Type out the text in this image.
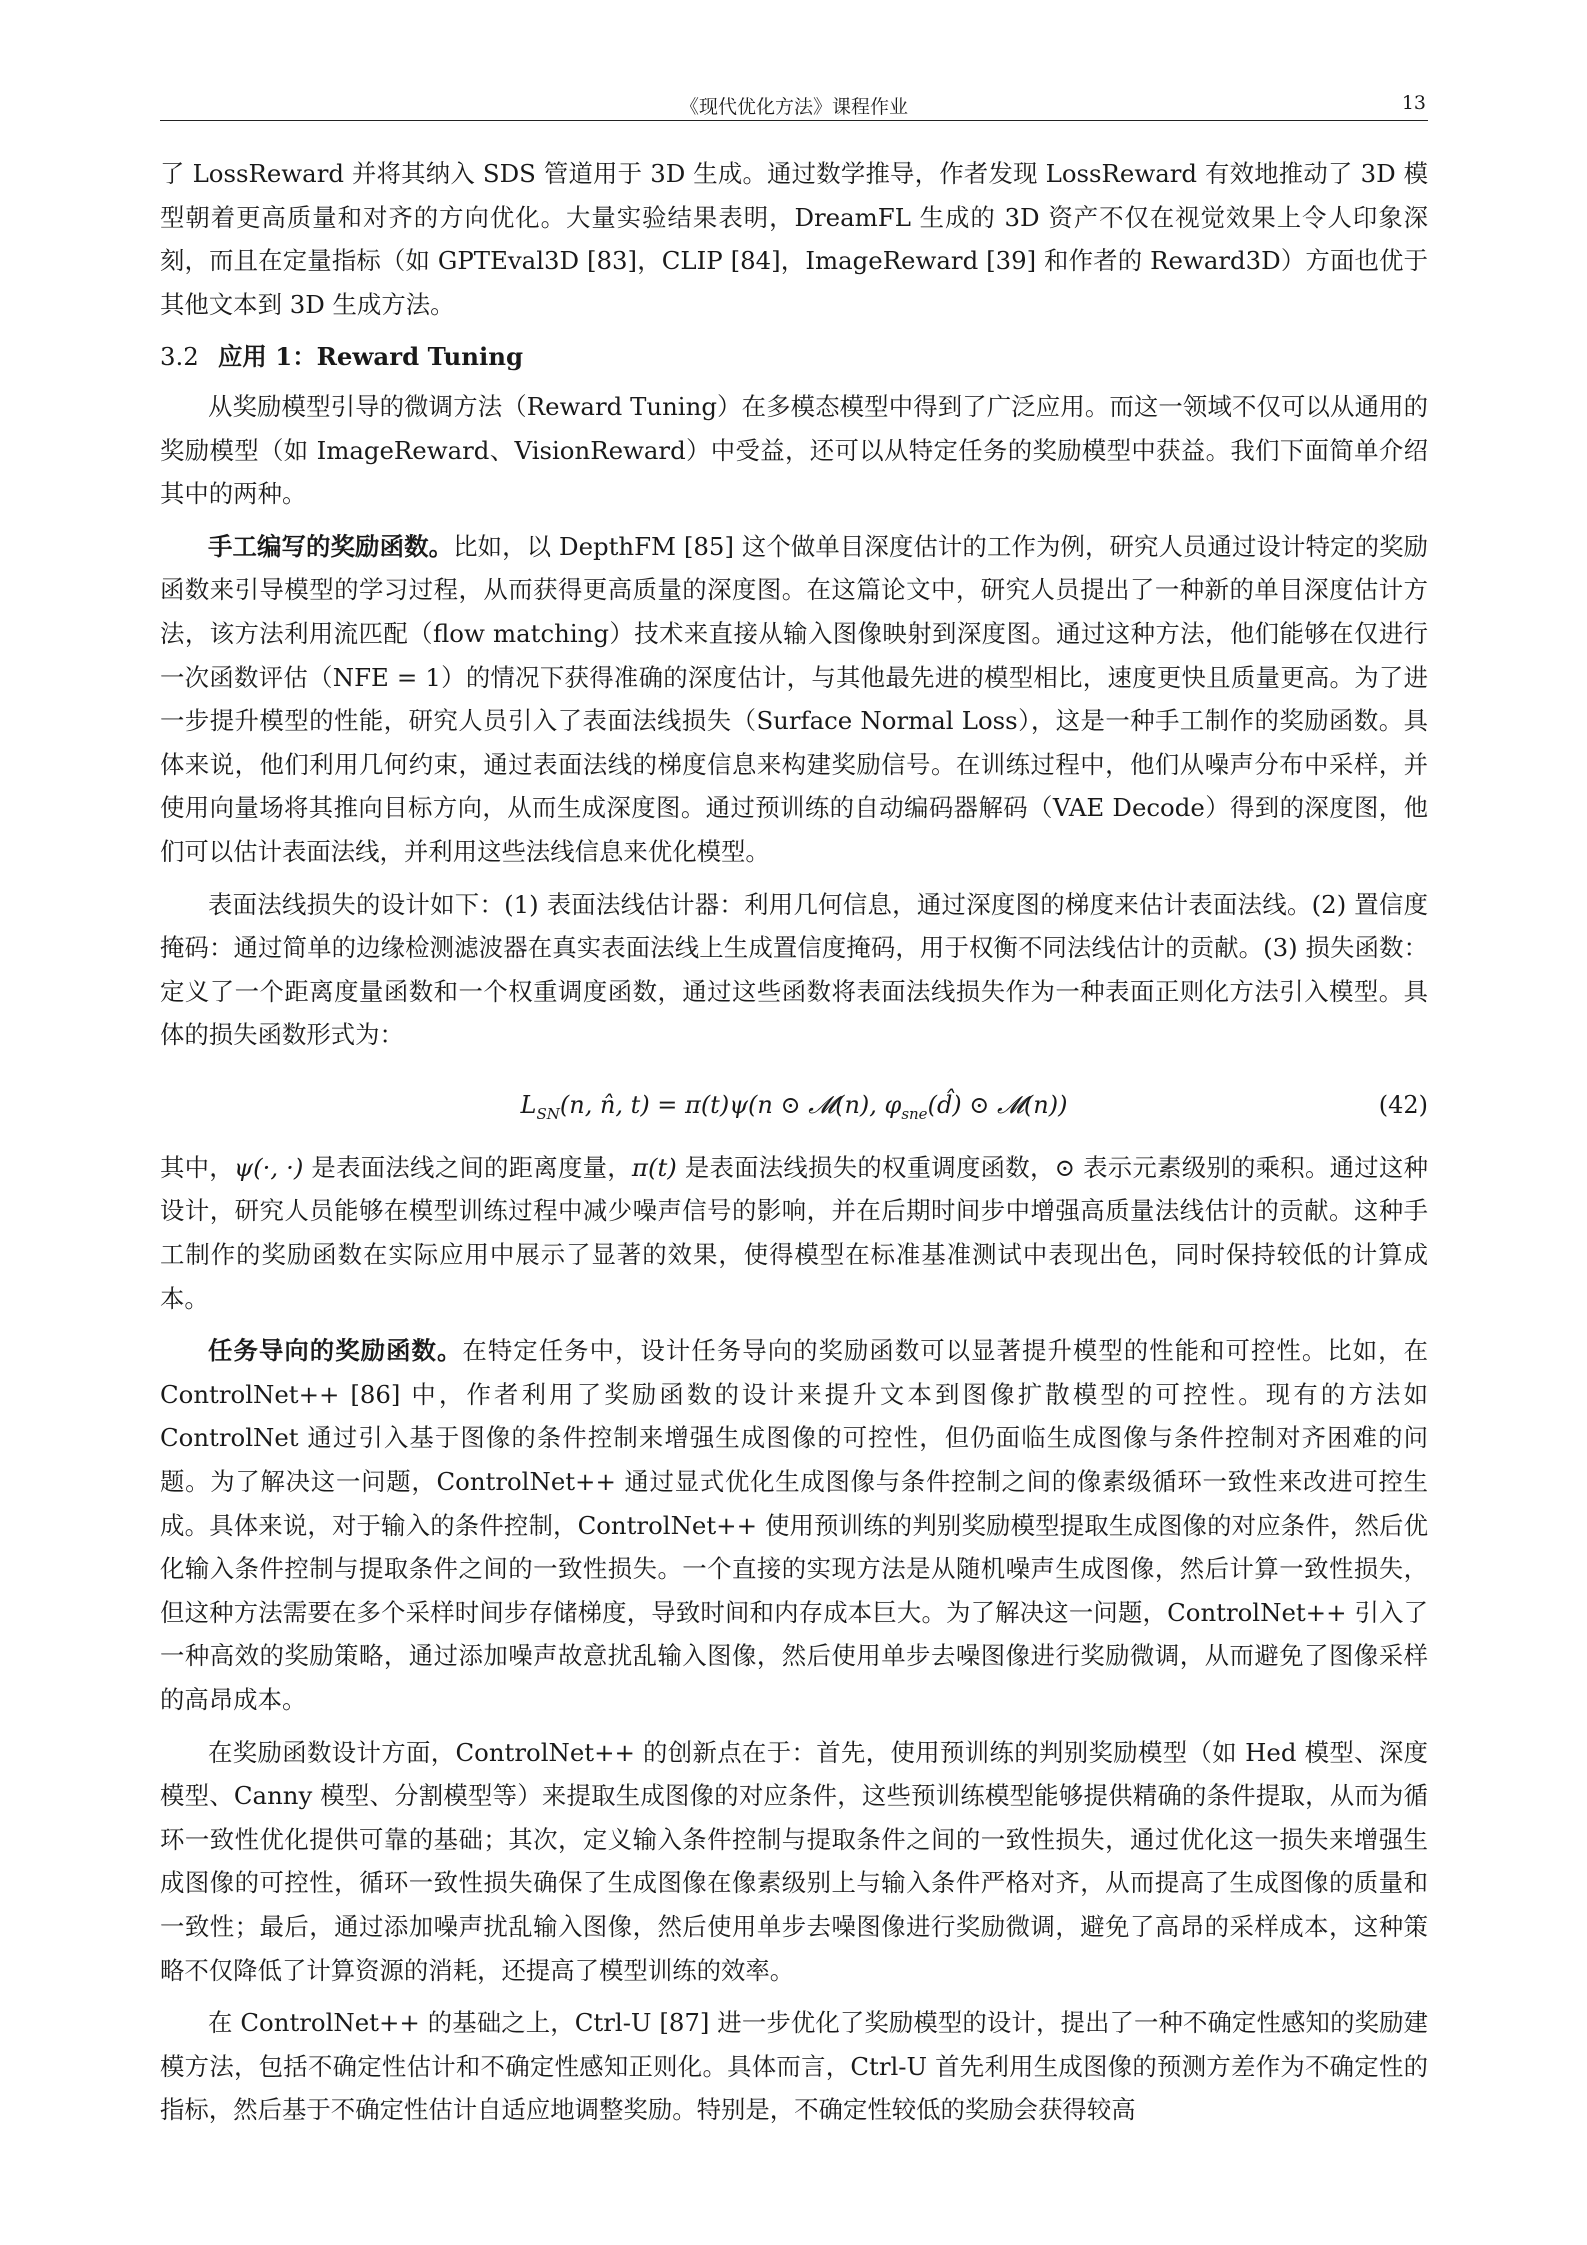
《现代优化方法》课程作业	13

了 LossReward 并将其纳入 SDS 管道用于 3D 生成。通过数学推导，作者发现 LossReward 有效地推动了 3D 模型朝着更高质量和对齐的方向优化。大量实验结果表明，DreamFL 生成的 3D 资产不仅在视觉效果上令人印象深刻，而且在定量指标（如 GPTEval3D [83]，CLIP [84]，ImageReward [39] 和作者的 Reward3D）方面也优于其他文本到 3D 生成方法。

3.2 应用 1：Reward Tuning

从奖励模型引导的微调方法（Reward Tuning）在多模态模型中得到了广泛应用。而这一领域不仅可以从通用的奖励模型（如 ImageReward、VisionReward）中受益，还可以从特定任务的奖励模型中获益。我们下面简单介绍其中的两种。

手工编写的奖励函数。比如，以 DepthFM [85] 这个做单目深度估计的工作为例，研究人员通过设计特定的奖励函数来引导模型的学习过程，从而获得更高质量的深度图。在这篇论文中，研究人员提出了一种新的单目深度估计方法，该方法利用流匹配（flow matching）技术来直接从输入图像映射到深度图。通过这种方法，他们能够在仅进行一次函数评估（NFE = 1）的情况下获得准确的深度估计，与其他最先进的模型相比，速度更快且质量更高。为了进一步提升模型的性能，研究人员引入了表面法线损失（Surface Normal Loss），这是一种手工制作的奖励函数。具体来说，他们利用几何约束，通过表面法线的梯度信息来构建奖励信号。在训练过程中，他们从噪声分布中采样，并使用向量场将其推向目标方向，从而生成深度图。通过预训练的自动编码器解码（VAE Decode）得到的深度图，他们可以估计表面法线，并利用这些法线信息来优化模型。

表面法线损失的设计如下：(1) 表面法线估计器：利用几何信息，通过深度图的梯度来估计表面法线。(2) 置信度掩码：通过简单的边缘检测滤波器在真实表面法线上生成置信度掩码，用于权衡不同法线估计的贡献。(3) 损失函数：定义了一个距离度量函数和一个权重调度函数，通过这些函数将表面法线损失作为一种表面正则化方法引入模型。具体的损失函数形式为：

$L_{SN}(n$, n̂, t) = π(t)ψ(n ⊙ 𝓜(n), $\varphi_{sne}(d̂)$ ⊙ 𝓜(n))	(42)

其中，ψ(·, ·) 是表面法线之间的距离度量，π(t) 是表面法线损失的权重调度函数，⊙ 表示元素级别的乘积。通过这种设计，研究人员能够在模型训练过程中减少噪声信号的影响，并在后期时间步中增强高质量法线估计的贡献。这种手工制作的奖励函数在实际应用中展示了显著的效果，使得模型在标准基准测试中表现出色，同时保持较低的计算成本。

任务导向的奖励函数。在特定任务中，设计任务导向的奖励函数可以显著提升模型的性能和可控性。比如，在 ControlNet++ [86] 中，作者利用了奖励函数的设计来提升文本到图像扩散模型的可控性。现有的方法如 ControlNet 通过引入基于图像的条件控制来增强生成图像的可控性，但仍面临生成图像与条件控制对齐困难的问题。为了解决这一问题，ControlNet++ 通过显式优化生成图像与条件控制之间的像素级循环一致性来改进可控生成。具体来说，对于输入的条件控制，ControlNet++ 使用预训练的判别奖励模型提取生成图像的对应条件，然后优化输入条件控制与提取条件之间的一致性损失。一个直接的实现方法是从随机噪声生成图像，然后计算一致性损失，但这种方法需要在多个采样时间步存储梯度，导致时间和内存成本巨大。为了解决这一问题，ControlNet++ 引入了一种高效的奖励策略，通过添加噪声故意扰乱输入图像，然后使用单步去噪图像进行奖励微调，从而避免了图像采样的高昂成本。

在奖励函数设计方面，ControlNet++ 的创新点在于：首先，使用预训练的判别奖励模型（如 Hed 模型、深度模型、Canny 模型、分割模型等）来提取生成图像的对应条件，这些预训练模型能够提供精确的条件提取，从而为循环一致性优化提供可靠的基础；其次，定义输入条件控制与提取条件之间的一致性损失，通过优化这一损失来增强生成图像的可控性，循环一致性损失确保了生成图像在像素级别上与输入条件严格对齐，从而提高了生成图像的质量和一致性；最后，通过添加噪声扰乱输入图像，然后使用单步去噪图像进行奖励微调，避免了高昂的采样成本，这种策略不仅降低了计算资源的消耗，还提高了模型训练的效率。

在 ControlNet++ 的基础之上，Ctrl-U [87] 进一步优化了奖励模型的设计，提出了一种不确定性感知的奖励建模方法，包括不确定性估计和不确定性感知正则化。具体而言，Ctrl-U 首先利用生成图像的预测方差作为不确定性的指标，然后基于不确定性估计自适应地调整奖励。特别是，不确定性较低的奖励会获得较高
